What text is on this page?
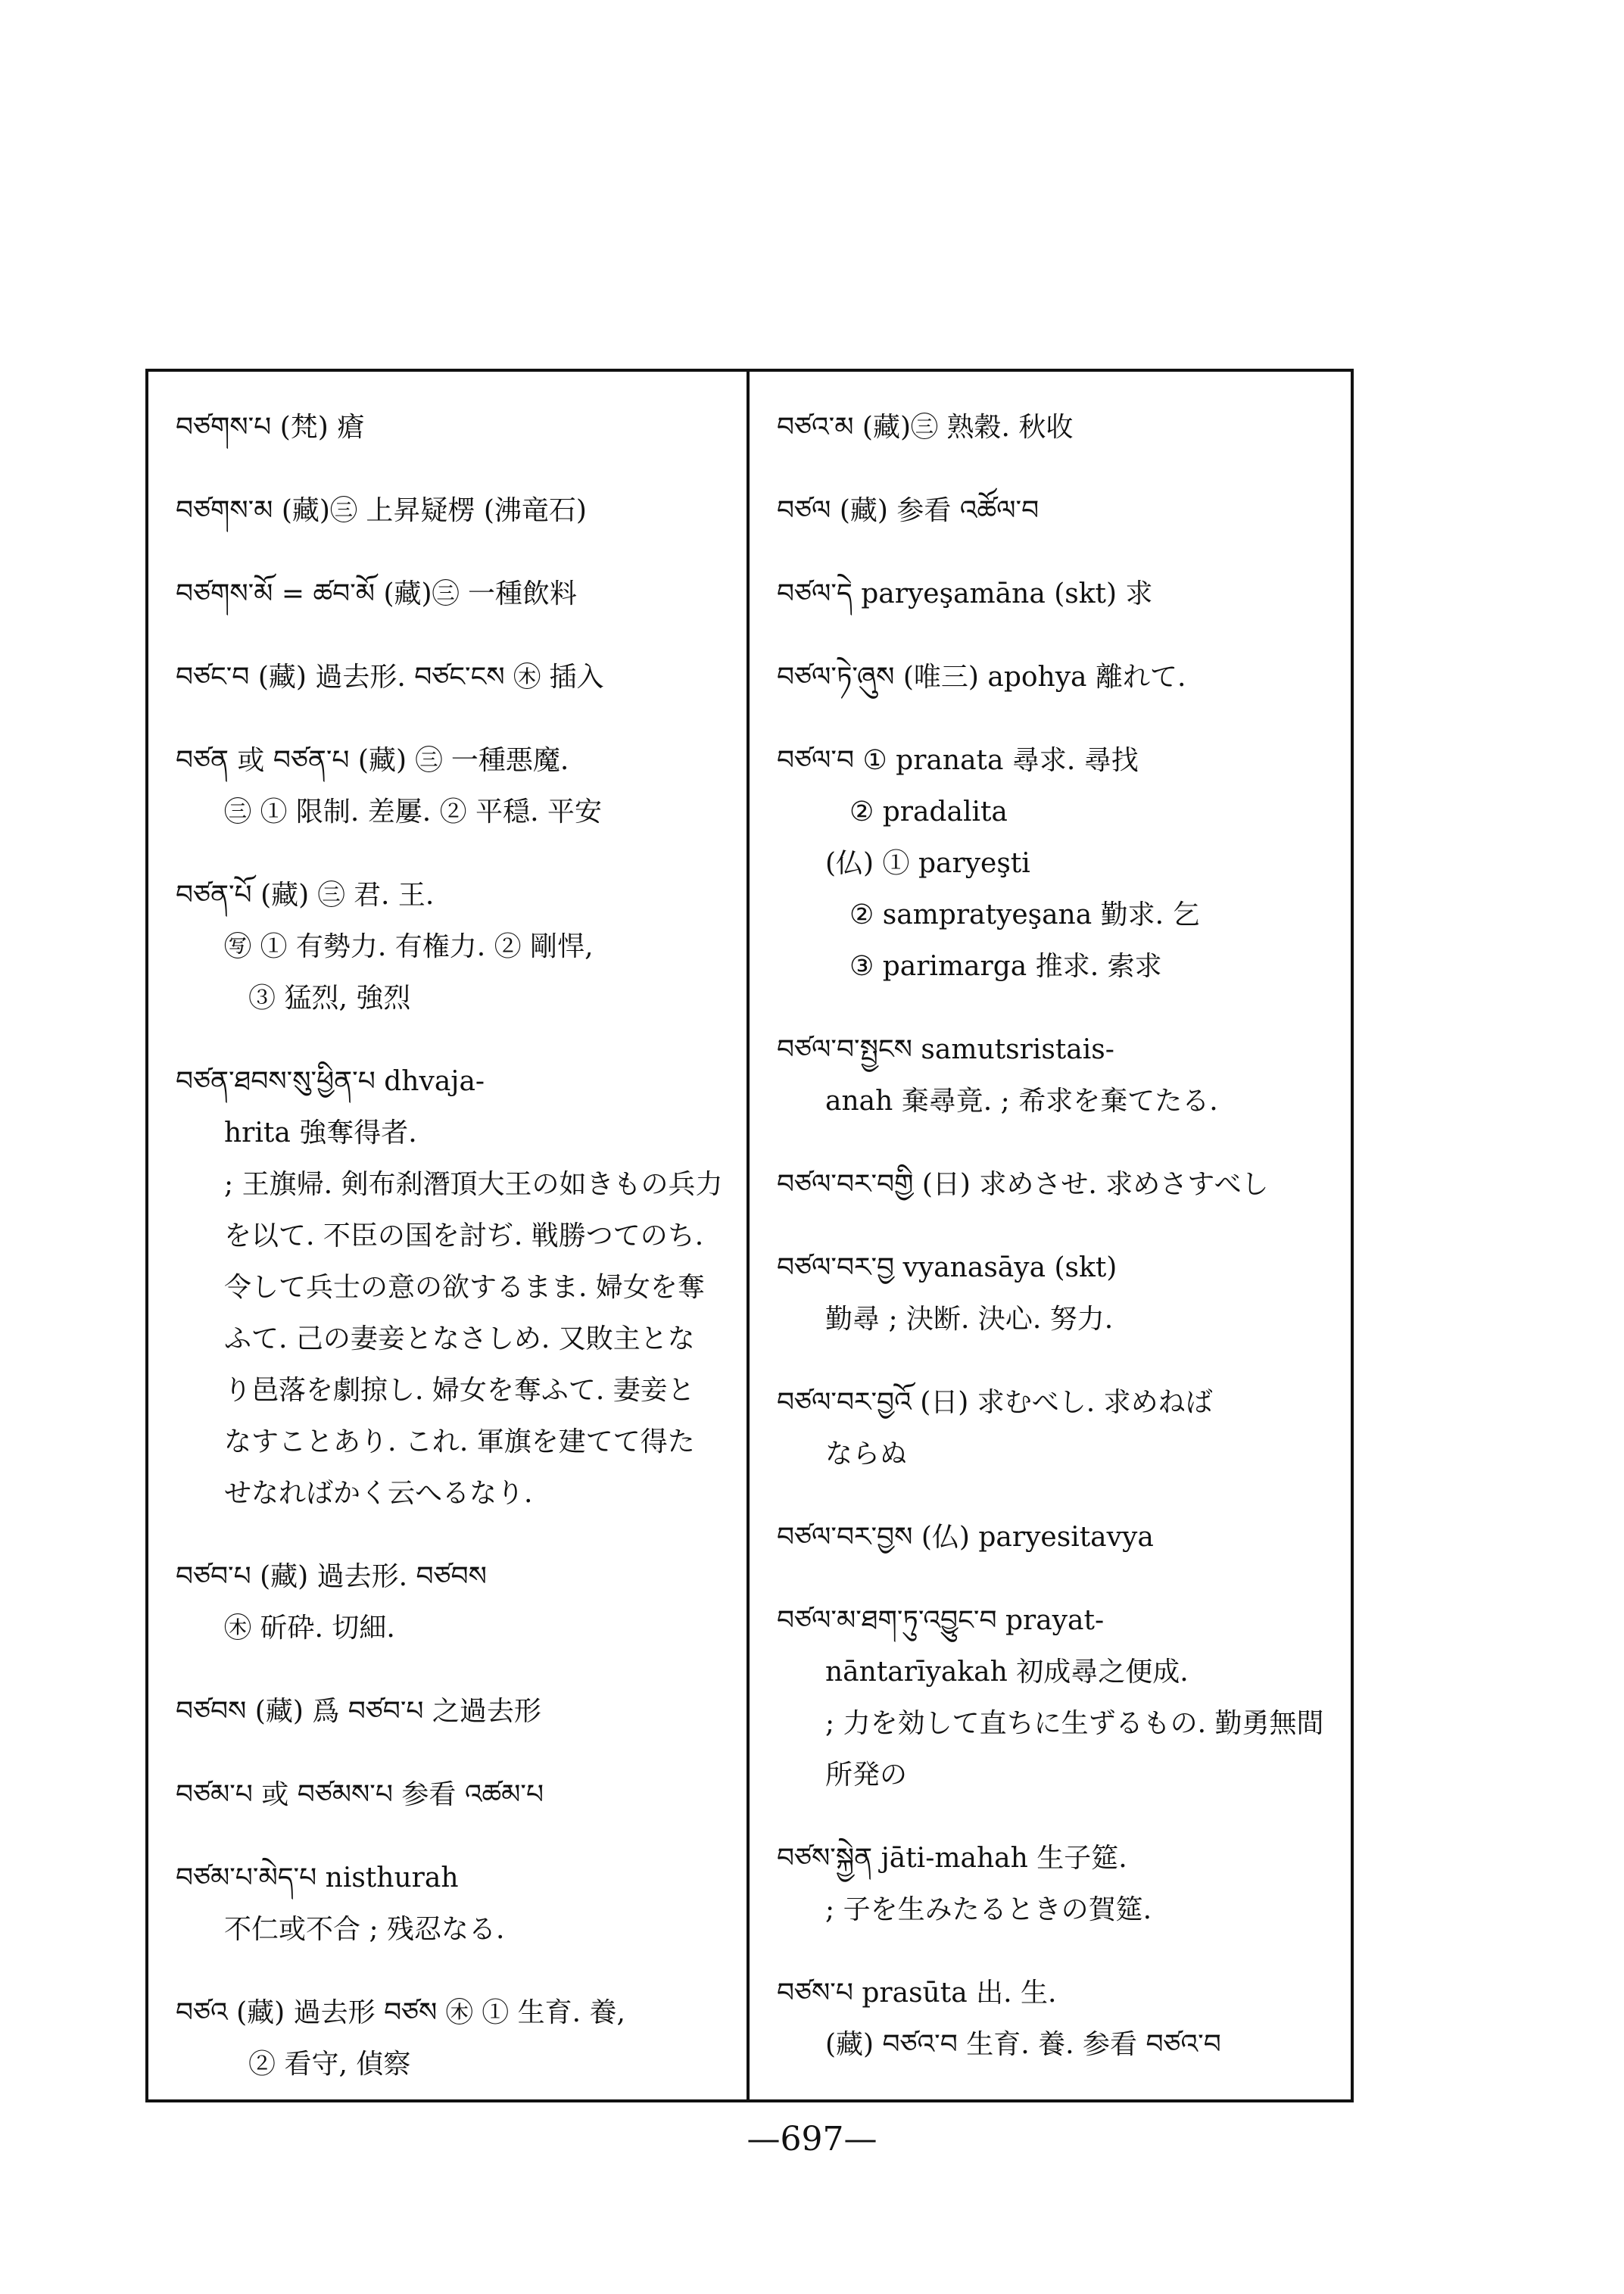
བཙགས་པ (梵) 瘡
བཙགས་མ (藏)㊂ 上昇疑楞 (沸竜石)
བཙགས་མོ = ཚབ་མོ (藏)㊂ 一種飲料
བཙང་བ (藏) 過去形. བཙང་ངས ㊍ 插入
བཙན 或 བཙན་པ (藏) ㊂ 一種悪魔.
㊂ ① 限制. 差屢. ② 平穏. 平安
བཙན་པོ (藏) ㊂ 君. 王.
㊢ ① 有勢力. 有権力. ② 剛悍,
③ 猛烈, 強烈
བཙན་ཐབས་སུ་ཕྱིན་པ dhvaja-
hrita 強奪得者.
; 王旗帰. 剣布刹潛頂大王の如きもの兵力
を以て. 不臣の国を討ぢ. 戦勝つてのち.
令して兵士の意の欲するまま. 婦女を奪
ふて. 己の妻妾となさしめ. 又敗主とな
り邑落を劇掠し. 婦女を奪ふて. 妻妾と
なすことあり. これ. 軍旗を建てて得た
せなればかく云へるなり.
བཙབ་པ (藏) 過去形. བཙབས
㊍ 斫砕. 切細.
བཙབས (藏) 爲 བཙབ་པ 之過去形
བཙམ་པ 或 བཙམས་པ 参看 འཚམ་པ
བཙམ་པ་མེད་པ nisthurah
不仁或不合 ; 残忍なる.
བཙའ (藏) 過去形 བཙས ㊍ ① 生育. 養,
② 看守, 偵察
བཙའ་མ (藏)㊂ 熟穀. 秋收
བཙལ (藏) 参看 འཚོལ་བ
བཙལ་དེ paryeşamāna (skt) 求
བཙལ་ཏེ་ཞུས (唯三) apohya 離れて.
བཙལ་བ ① pranata 尋求. 尋找
② pradalita
(仏) ① paryeşti
② sampratyeşana 勤求. 乞
③ parimarga 推求. 索求
བཙལ་བ་སྤྱངས samutsristais-
anah 棄尋竟. ; 希求を棄てたる.
བཙལ་བར་བགྱི (日) 求めさせ. 求めさすべし
བཙལ་བར་བྱ vyanasāya (skt)
勤尋 ; 決断. 決心. 努力.
བཙལ་བར་བྱའོ (日) 求むべし. 求めねば
ならぬ
བཙལ་བར་བྱས (仏) paryesitavya
བཙལ་མ་ཐག་ཏུ་འབྱུང་བ prayat-
nāntarīyakah 初成尋之便成.
; 力を効して直ちに生ずるもの. 勤勇無間
所発の
བཙས་སྐྱེན jāti-mahah 生子筵.
; 子を生みたるときの賀筵.
བཙས་པ prasūta 出. 生.
(藏) བཙའ་བ 生育. 養. 参看 བཙའ་བ
—697—
